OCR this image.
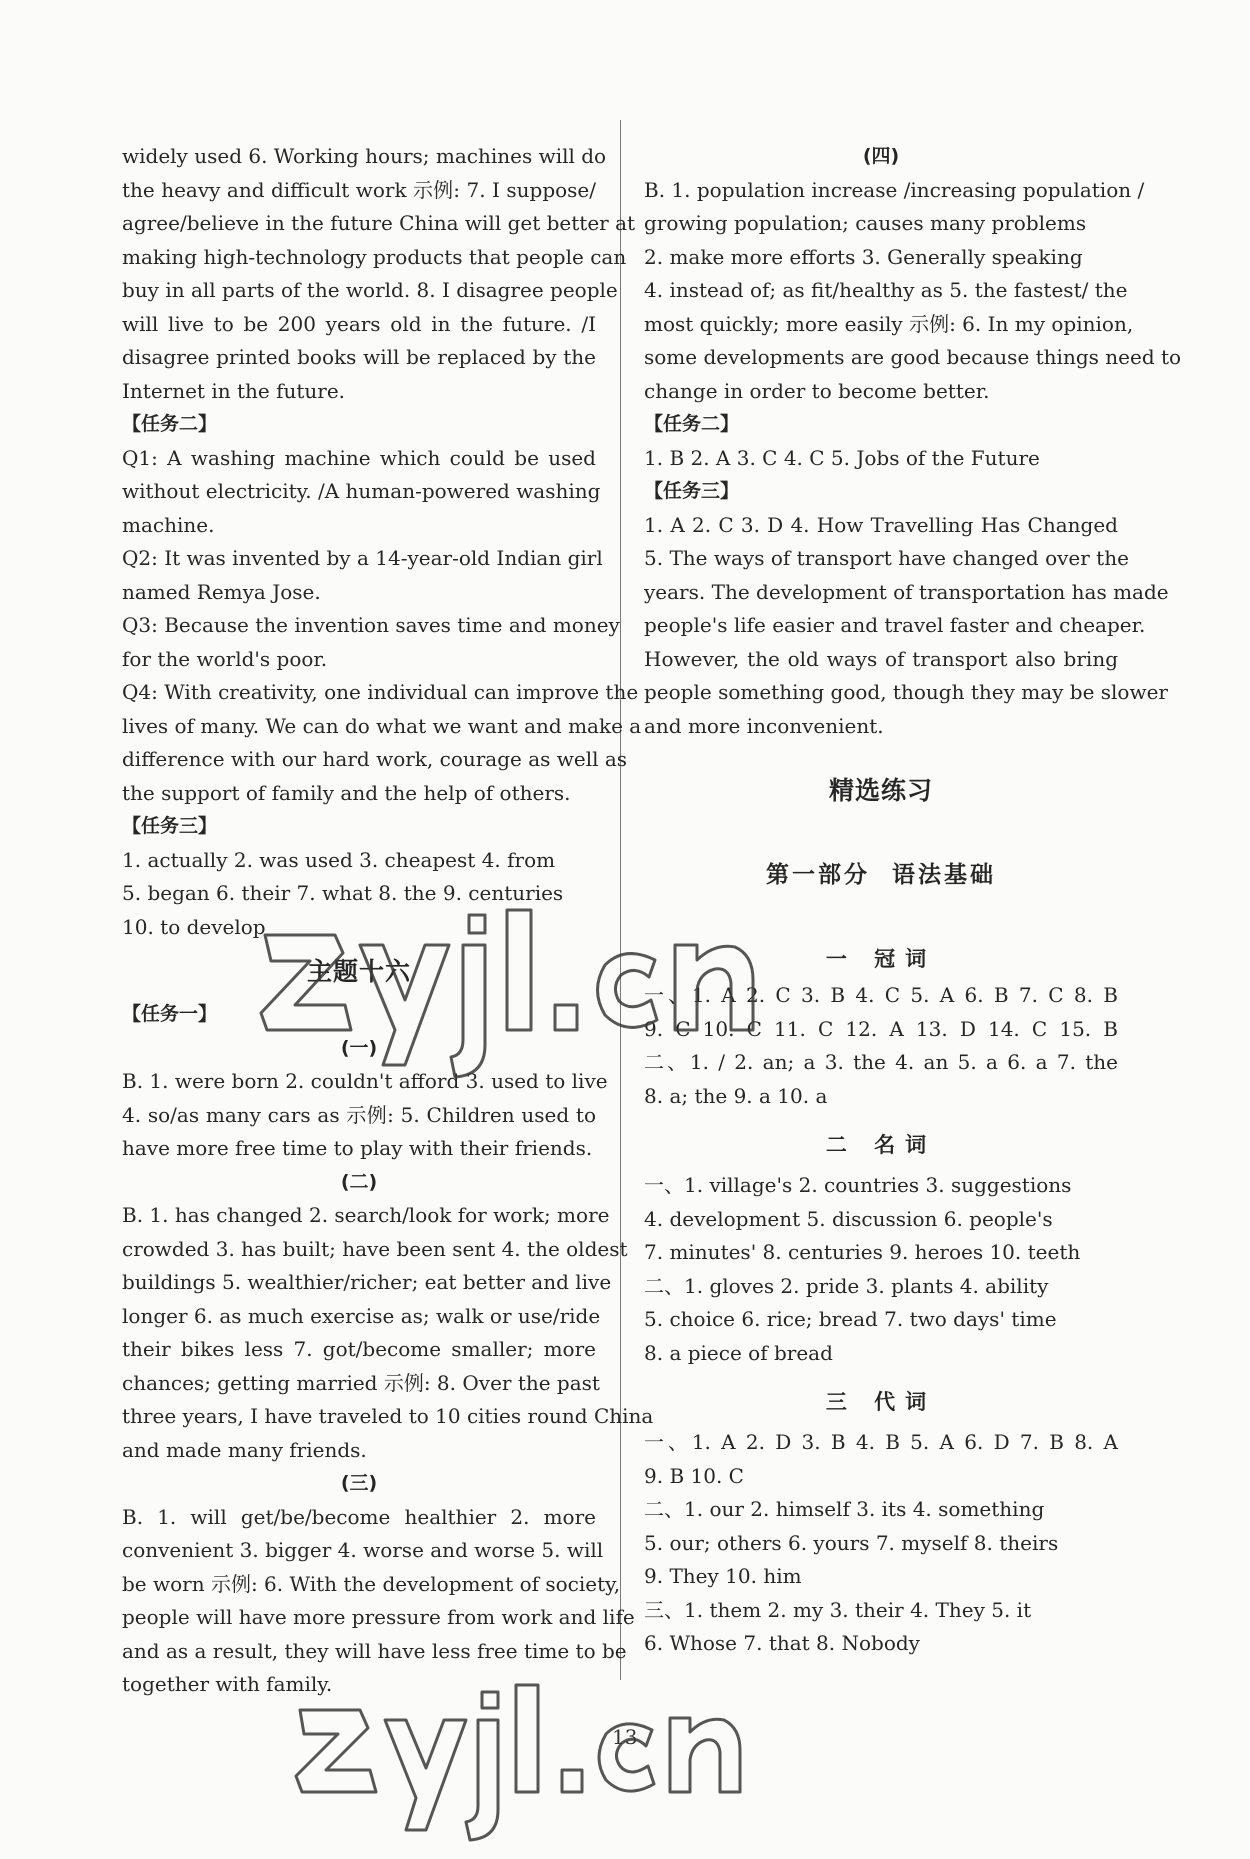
widely used 6. Working hours; machines will do
the heavy and difficult work 示例: 7. I suppose/
agree/believe in the future China will get better at
making high-technology products that people can
buy in all parts of the world. 8. I disagree people
will live to be 200 years old in the future. /I
disagree printed books will be replaced by the
Internet in the future.
【任务二】
Q1: A washing machine which could be used
without electricity. /A human-powered washing
machine.
Q2: It was invented by a 14-year-old Indian girl
named Remya Jose.
Q3: Because the invention saves time and money
for the world's poor.
Q4: With creativity, one individual can improve the
lives of many. We can do what we want and make a
difference with our hard work, courage as well as
the support of family and the help of others.
【任务三】
1. actually 2. was used 3. cheapest 4. from
5. began 6. their 7. what 8. the 9. centuries
10. to develop
主题十六
【任务一】
(一)
B. 1. were born 2. couldn't afford 3. used to live
4. so/as many cars as 示例: 5. Children used to
have more free time to play with their friends.
(二)
B. 1. has changed 2. search/look for work; more
crowded 3. has built; have been sent 4. the oldest
buildings 5. wealthier/richer; eat better and live
longer 6. as much exercise as; walk or use/ride
their bikes less 7. got/become smaller; more
chances; getting married 示例: 8. Over the past
three years, I have traveled to 10 cities round China
and made many friends.
(三)
B. 1. will get/be/become healthier 2. more
convenient 3. bigger 4. worse and worse 5. will
be worn 示例: 6. With the development of society,
people will have more pressure from work and life
and as a result, they will have less free time to be
together with family.
(四)
B. 1. population increase /increasing population /
growing population; causes many problems
2. make more efforts 3. Generally speaking
4. instead of; as fit/healthy as 5. the fastest/ the
most quickly; more easily 示例: 6. In my opinion,
some developments are good because things need to
change in order to become better.
【任务二】
1. B 2. A 3. C 4. C 5. Jobs of the Future
【任务三】
1. A 2. C 3. D 4. How Travelling Has Changed
5. The ways of transport have changed over the
years. The development of transportation has made
people's life easier and travel faster and cheaper.
However, the old ways of transport also bring
people something good, though they may be slower
and more inconvenient.
精选练习
第一部分  语法基础
一 冠词
一、1. A 2. C 3. B 4. C 5. A 6. B 7. C 8. B
9. C 10. C 11. C 12. A 13. D 14. C 15. B
二、1. / 2. an; a 3. the 4. an 5. a 6. a 7. the
8. a; the 9. a 10. a
二 名词
一、1. village's 2. countries 3. suggestions
4. development 5. discussion 6. people's
7. minutes' 8. centuries 9. heroes 10. teeth
二、1. gloves 2. pride 3. plants 4. ability
5. choice 6. rice; bread 7. two days' time
8. a piece of bread
三 代词
一、1. A 2. D 3. B 4. B 5. A 6. D 7. B 8. A
9. B 10. C
二、1. our 2. himself 3. its 4. something
5. our; others 6. yours 7. myself 8. theirs
9. They 10. him
三、1. them 2. my 3. their 4. They 5. it
6. Whose 7. that 8. Nobody
13
